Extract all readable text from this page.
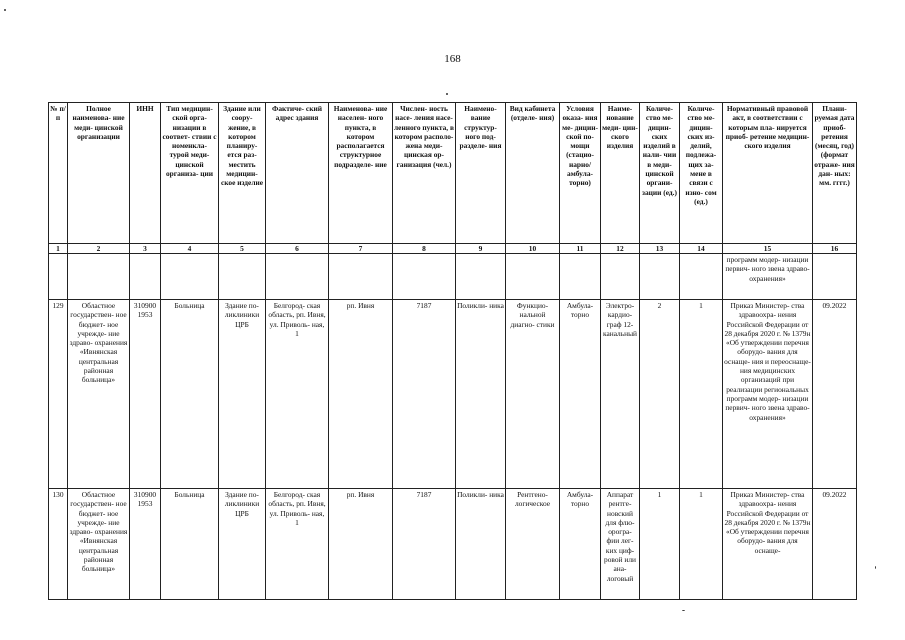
168
№ п/п	Полное наименова- ние меди- цинской организации	ИНН	Тип медицин- ской орга- низации в соответ- ствии с номенкла- турой меди- цинской организа- ции	Здание или соору- жение, в котором планиру- ется раз- местить медицин- ское изделие	Фактиче- ский адрес здания	Наименова- ние населен- ного пункта, в котором располагается структурное подразделе- ние	Числен- ность насе- ления насе- ленного пункта, в котором располо- жена меди- цинская ор- ганизация (чел.)	Наимено- вание структур- ного под- разделе- ния	Вид кабинета (отделе- ния)	Условия оказа- ния ме- дицин- ской по- мощи (стацио- нарно/ амбула- торно)	Наиме- нование меди- цин- ского изделия	Количе- ство ме- дицин- ских изделий в нали- чии в меди- цинской органи- зации (ед.)	Количе- ство ме- дицин- ских из- делий, подлежа- щих за- мене в связи с изно- сом (ед.)	Нормативный правовой акт, в соответствии с которым пла- нируется приоб- ретение медицин- ского изделия	Плани- руемая дата приоб- ретения (месяц, год) (формат отраже- ния дан- ных: мм. гггг.)
1	2	3	4	5	6	7	8	9	10	11	12	13	14	15	16
														программ модер- низации первич- ного звена здраво- охранения»	
129	Областное государствен- ное бюджет- ное учрежде- ние здраво- охранения «Ивнянская центральная районная больница»	310900 1953	Больница	Здание по- ликлиники ЦРБ	Белгород- ская область, рп. Ивня, ул. Приволь- ная, 1	рп. Ивня	7187	Поликли- ника	Функцио- нальной диагно- стики	Амбула- торно	Электро- кардио- граф 12- канальный	2	1	Приказ Министер- ства здравоохра- нения Российской Федерации от 28 декабря 2020 г. № 1379н «Об утверждении перечня оборудо- вания для оснаще- ния и переоснаще- ния медицинских организаций при реализации региональных программ модер- низации первич- ного звена здраво- охранения»	09.2022
130	Областное государствен- ное бюджет- ное учрежде- ние здраво- охранения «Ивнянская центральная районная больница»	310900 1953	Больница	Здание по- ликлиники ЦРБ	Белгород- ская область, рп. Ивня, ул. Приволь- ная, 1	рп. Ивня	7187	Поликли- ника	Рентгено- логическое	Амбула- торно	Аппарат рентге- новский для флю- орогра- фии лег- ких циф- ровой или ана- логовый	1	1	Приказ Министер- ства здравоохра- нения Российской Федерации от 28 декабря 2020 г. № 1379н «Об утверждении перечня оборудо- вания для оснаще-	09.2022
